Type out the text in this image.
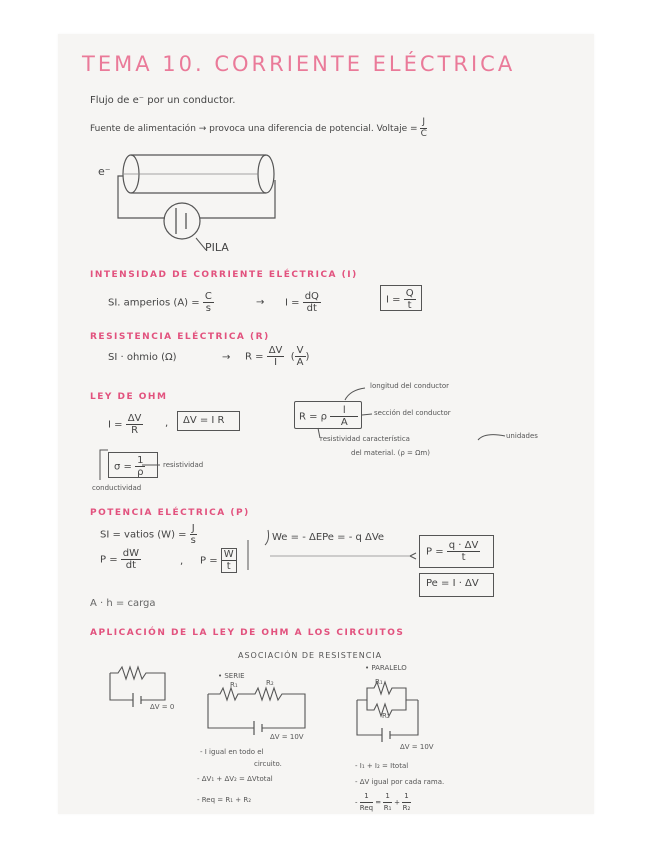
TEMA 10. CORRIENTE ELÉCTRICA
Flujo de e⁻ por un conductor.
Fuente de alimentación → provoca una diferencia de potencial. Voltaje = $\frac{J}{C}$
e⁻
PILA
INTENSIDAD DE CORRIENTE ELÉCTRICA (I)
SI. amperios $(A) = \frac{C}{s}$	→ $I = \frac{dQ}{dt}$	$I = \frac{Q}{t}$
RESISTENCIA ELÉCTRICA (R)
SI · ohmio (Ω)	→ $R = \frac{\Delta V}{I}$ ( $\frac{V}{A}$ )
LEY DE OHM
$I = \frac{\Delta V}{R}$ , ΔV = I R	R = ρ $\frac{l}{A}$
longitud del conductor
sección del conductor
resistividad característica
del material. (ρ = Ωm)
unidades
$\sigma = \frac{1}{\rho}$	resistividad
conductividad
POTENCIA ELÉCTRICA (P)
SI = vatios $(W) = \frac{J}{s}$
$P = \frac{dW}{dt}$	, $P = \frac{W}{t}$
We = - ΔEPe = - q ΔVe
$P = \frac{q \cdot \Delta V}{t}$
Pe = I · ΔV
A · h = carga
APLICACIÓN DE LA LEY DE OHM A LOS CIRCUITOS
ASOCIACIÓN DE RESISTENCIA
ΔV = 0
• SERIE
R₁	R₂
ΔV = 10V
• PARALELO
R₁
R₂
ΔV = 10V
- I igual en todo el
circuito.
- ΔV₁ + ΔV₂ = ΔVtotal
- Req = R₁ + R₂
- I₁ + I₂ = Itotal
- ΔV igual por cada rama.
- $\frac{1}{\text{Req}} = \frac{1}{\text{R₁}} + \frac{1}{\text{R₂}}$
